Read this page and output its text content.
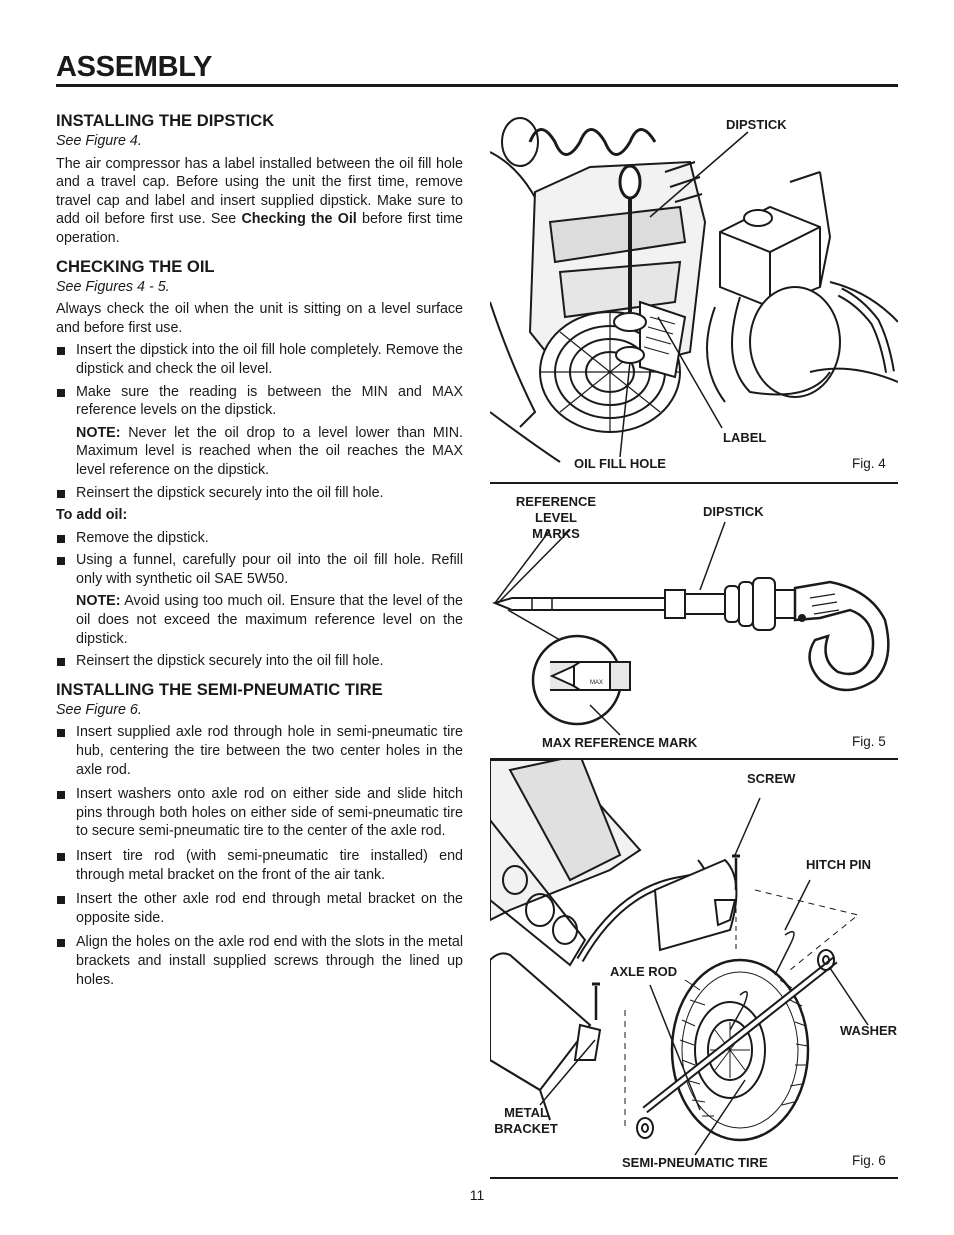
ASSEMBLY
INSTALLING THE DIPSTICK
See Figure 4.

The air compressor has a label installed between the oil fill hole and a travel cap. Before using the unit the first time, remove travel cap and label and insert supplied dipstick. Make sure to add oil before first use. See Checking the Oil before first time operation.

CHECKING THE OIL
See Figures 4 - 5.

Always check the oil when the unit is sitting on a level surface and before first use.

Insert the dipstick into the oil fill hole completely. Remove the dipstick and check the oil level.
Make sure the reading is between the MIN and MAX reference levels on the dipstick.
NOTE: Never let the oil drop to a level lower than MIN. Maximum level is reached when the oil reaches the MAX level reference on the dipstick.
Reinsert the dipstick securely into the oil fill hole.
To add oil:
Remove the dipstick.
Using a funnel, carefully pour oil into the oil fill hole. Refill only with synthetic oil SAE 5W50.
NOTE: Avoid using too much oil. Ensure that the level of the oil does not exceed the maximum reference level on the dipstick.
Reinsert the dipstick securely into the oil fill hole.
INSTALLING THE SEMI-PNEUMATIC TIRE
See Figure 6.
Insert supplied axle rod through hole in semi-pneumatic tire hub, centering the tire between the two center holes in the axle rod.
Insert washers onto axle rod on either side and slide hitch pins through both holes on either side of semi-pneumatic tire to secure semi-pneumatic tire to the center of the axle rod.
Insert tire rod (with semi-pneumatic tire installed) end through metal bracket on the front of the air tank.
Insert the other axle rod end through metal bracket on the opposite side.
Align the holes on the axle rod end with the slots in the metal brackets and install supplied screws through the lined up holes.
DIPSTICK
LABEL
OIL FILL HOLE	Fig. 4
MAX
REFERENCE LEVEL MARKS
DIPSTICK
MAX REFERENCE MARK	Fig. 5
SCREW
HITCH PIN
AXLE ROD
WASHER
METAL BRACKET
SEMI-PNEUMATIC TIRE	Fig. 6
11
